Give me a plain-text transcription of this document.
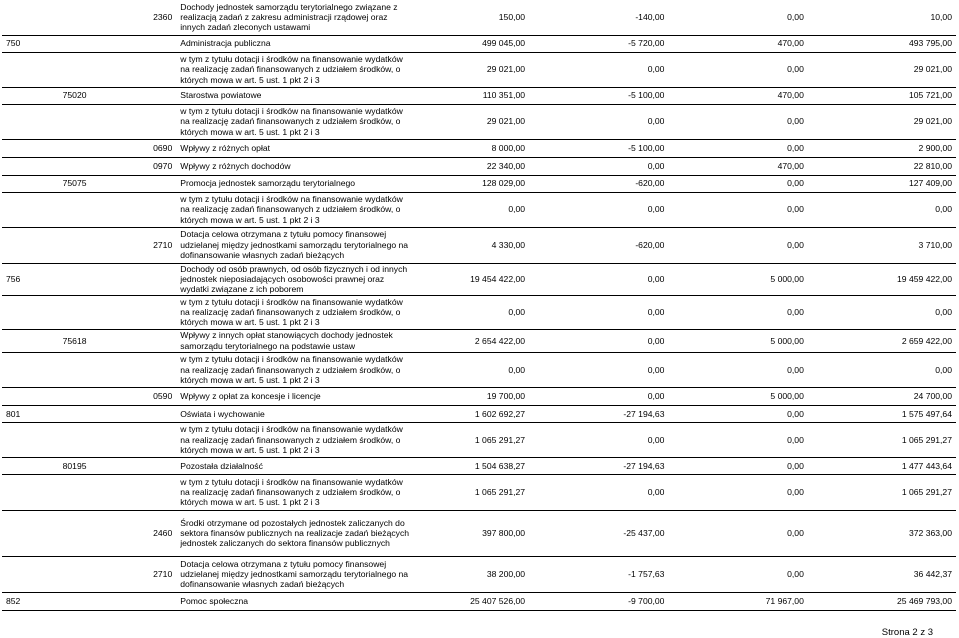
		2360	Dochody jednostek samorządu terytorialnego związane z realizacją zadań z zakresu administracji rządowej oraz innych zadań zleconych ustawami	150,00	-140,00	0,00	10,00
750			Administracja publiczna	499 045,00	-5 720,00	470,00	493 795,00
			w tym z tytułu dotacji i środków na finansowanie wydatków na realizację zadań finansowanych z udziałem środków, o których mowa w art. 5 ust. 1 pkt 2 i 3	29 021,00	0,00	0,00	29 021,00
	75020		Starostwa powiatowe	110 351,00	-5 100,00	470,00	105 721,00
			w tym z tytułu dotacji i środków na finansowanie wydatków na realizację zadań finansowanych z udziałem środków, o których mowa w art. 5 ust. 1 pkt 2 i 3	29 021,00	0,00	0,00	29 021,00
		0690	Wpływy z różnych opłat	8 000,00	-5 100,00	0,00	2 900,00
		0970	Wpływy z różnych dochodów	22 340,00	0,00	470,00	22 810,00
	75075		Promocja jednostek samorządu terytorialnego	128 029,00	-620,00	0,00	127 409,00
			w tym z tytułu dotacji i środków na finansowanie wydatków na realizację zadań finansowanych z udziałem środków, o których mowa w art. 5 ust. 1 pkt 2 i 3	0,00	0,00	0,00	0,00
		2710	Dotacja celowa otrzymana z tytułu pomocy finansowej udzielanej między jednostkami samorządu terytorialnego na dofinansowanie własnych zadań bieżących	4 330,00	-620,00	0,00	3 710,00
756			Dochody od osób prawnych, od osób fizycznych i od innych jednostek nieposiadających osobowości prawnej oraz wydatki związane z ich poborem	19 454 422,00	0,00	5 000,00	19 459 422,00
			w tym z tytułu dotacji i środków na finansowanie wydatków na realizację zadań finansowanych z udziałem środków, o których mowa w art. 5 ust. 1 pkt 2 i 3	0,00	0,00	0,00	0,00
	75618		Wpływy z innych opłat stanowiących dochody jednostek samorządu terytorialnego na podstawie ustaw	2 654 422,00	0,00	5 000,00	2 659 422,00
			w tym z tytułu dotacji i środków na finansowanie wydatków na realizację zadań finansowanych z udziałem środków, o których mowa w art. 5 ust. 1 pkt 2 i 3	0,00	0,00	0,00	0,00
		0590	Wpływy z opłat za koncesje i licencje	19 700,00	0,00	5 000,00	24 700,00
801			Oświata i wychowanie	1 602 692,27	-27 194,63	0,00	1 575 497,64
			w tym z tytułu dotacji i środków na finansowanie wydatków na realizację zadań finansowanych z udziałem środków, o których mowa w art. 5 ust. 1 pkt 2 i 3	1 065 291,27	0,00	0,00	1 065 291,27
	80195		Pozostała działalność	1 504 638,27	-27 194,63	0,00	1 477 443,64
			w tym z tytułu dotacji i środków na finansowanie wydatków na realizację zadań finansowanych z udziałem środków, o których mowa w art. 5 ust. 1 pkt 2 i 3	1 065 291,27	0,00	0,00	1 065 291,27
		2460	Środki otrzymane od pozostałych jednostek zaliczanych do sektora finansów publicznych na realizacje zadań bieżących jednostek zaliczanych do sektora finansów publicznych	397 800,00	-25 437,00	0,00	372 363,00
		2710	Dotacja celowa otrzymana z tytułu pomocy finansowej udzielanej między jednostkami samorządu terytorialnego na dofinansowanie własnych zadań bieżących	38 200,00	-1 757,63	0,00	36 442,37
852			Pomoc społeczna	25 407 526,00	-9 700,00	71 967,00	25 469 793,00
Strona 2 z 3
